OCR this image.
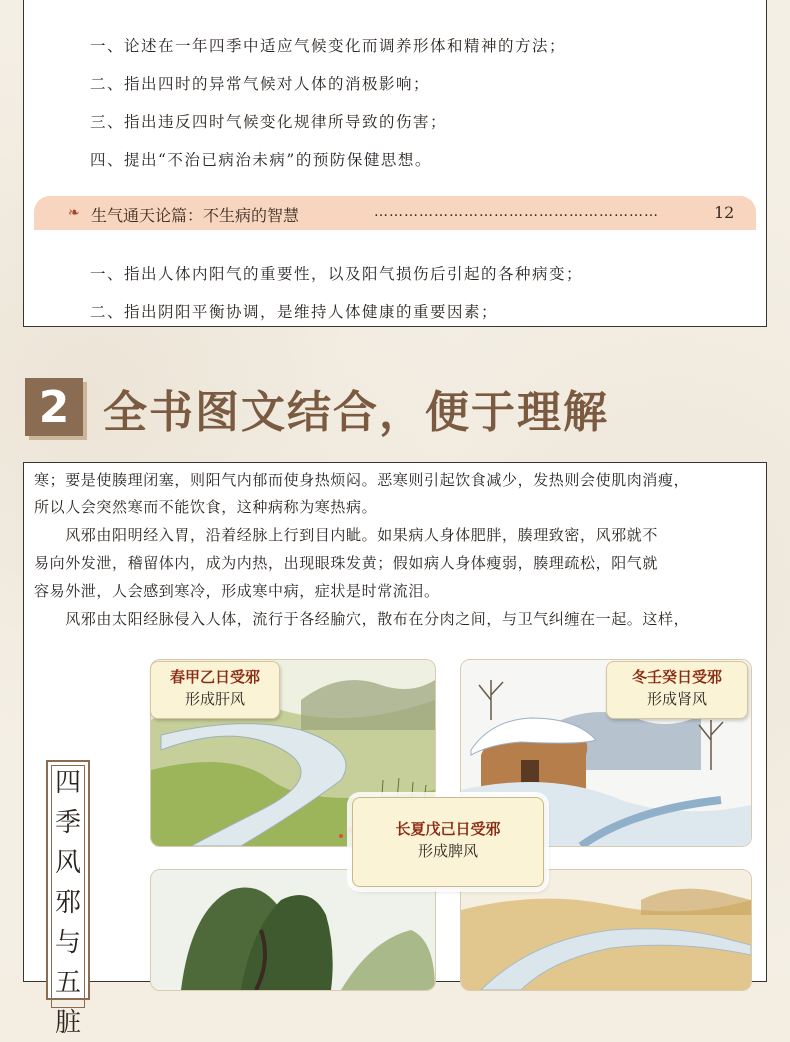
一、论述在一年四季中适应气候变化而调养形体和精神的方法；
二、指出四时的异常气候对人体的消极影响；
三、指出违反四时气候变化规律所导致的伤害；
四、提出“不治已病治未病”的预防保健思想。
❧ 生气通天论篇：不生病的智慧	…………………………………………………	12
一、指出人体内阳气的重要性，以及阳气损伤后引起的各种病变；
二、指出阴阳平衡协调，是维持人体健康的重要因素；
2 全书图文结合，便于理解
寒；要是使腠理闭塞，则阳气内郁而使身热烦闷。恶寒则引起饮食减少，发热则会使肌肉消瘦，
所以人会突然寒而不能饮食，这种病称为寒热病。
　　风邪由阳明经入胃，沿着经脉上行到目内眦。如果病人身体肥胖，腠理致密，风邪就不
易向外发泄，稽留体内，成为内热，出现眼珠发黄；假如病人身体瘦弱，腠理疏松，阳气就
容易外泄，人会感到寒冷，形成寒中病，症状是时常流泪。
　　风邪由太阳经脉侵入人体，流行于各经腧穴，散布在分肉之间，与卫气纠缠在一起。这样，
春甲乙日受邪
形成肝风
冬壬癸日受邪
形成肾风
长夏戊己日受邪
形成脾风
四
季
风
邪
与
五
脏
